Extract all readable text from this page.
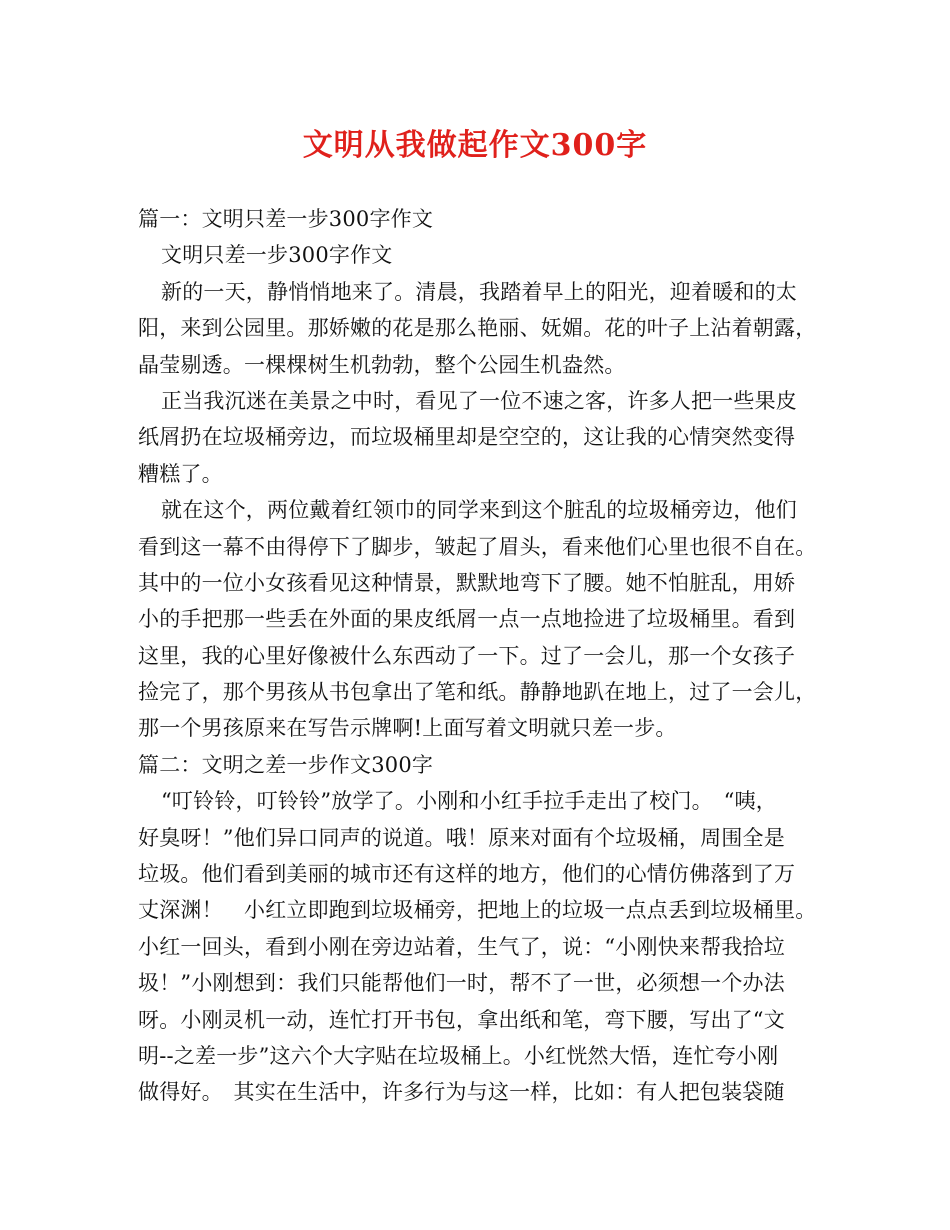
文明从我做起作文300字
篇一：文明只差一步300字作文
文明只差一步300字作文
新的一天，静悄悄地来了。清晨，我踏着早上的阳光，迎着暖和的太
阳，来到公园里。那娇嫩的花是那么艳丽、妩媚。花的叶子上沾着朝露，
晶莹剔透。一棵棵树生机勃勃，整个公园生机盎然。
正当我沉迷在美景之中时，看见了一位不速之客，许多人把一些果皮
纸屑扔在垃圾桶旁边，而垃圾桶里却是空空的，这让我的心情突然变得
糟糕了。
就在这个，两位戴着红领巾的同学来到这个脏乱的垃圾桶旁边，他们
看到这一幕不由得停下了脚步，皱起了眉头，看来他们心里也很不自在。
其中的一位小女孩看见这种情景，默默地弯下了腰。她不怕脏乱，用娇
小的手把那一些丢在外面的果皮纸屑一点一点地捡进了垃圾桶里。看到
这里，我的心里好像被什么东西动了一下。过了一会儿，那一个女孩子
捡完了，那个男孩从书包拿出了笔和纸。静静地趴在地上，过了一会儿，
那一个男孩原来在写告示牌啊!上面写着文明就只差一步。
篇二：文明之差一步作文300字
“叮铃铃，叮铃铃”放学了。小刚和小红手拉手走出了校门。　“咦，
好臭呀！”他们异口同声的说道。哦！原来对面有个垃圾桶，周围全是
垃圾。他们看到美丽的城市还有这样的地方，他们的心情仿佛落到了万
丈深渊！　小红立即跑到垃圾桶旁，把地上的垃圾一点点丢到垃圾桶里。
小红一回头，看到小刚在旁边站着，生气了，说：“小刚快来帮我拾垃
圾！”小刚想到：我们只能帮他们一时，帮不了一世，必须想一个办法
呀。小刚灵机一动，连忙打开书包，拿出纸和笔，弯下腰，写出了“文
明--之差一步”这六个大字贴在垃圾桶上。小红恍然大悟，连忙夸小刚
做得好。　其实在生活中，许多行为与这一样，比如：有人把包装袋随
